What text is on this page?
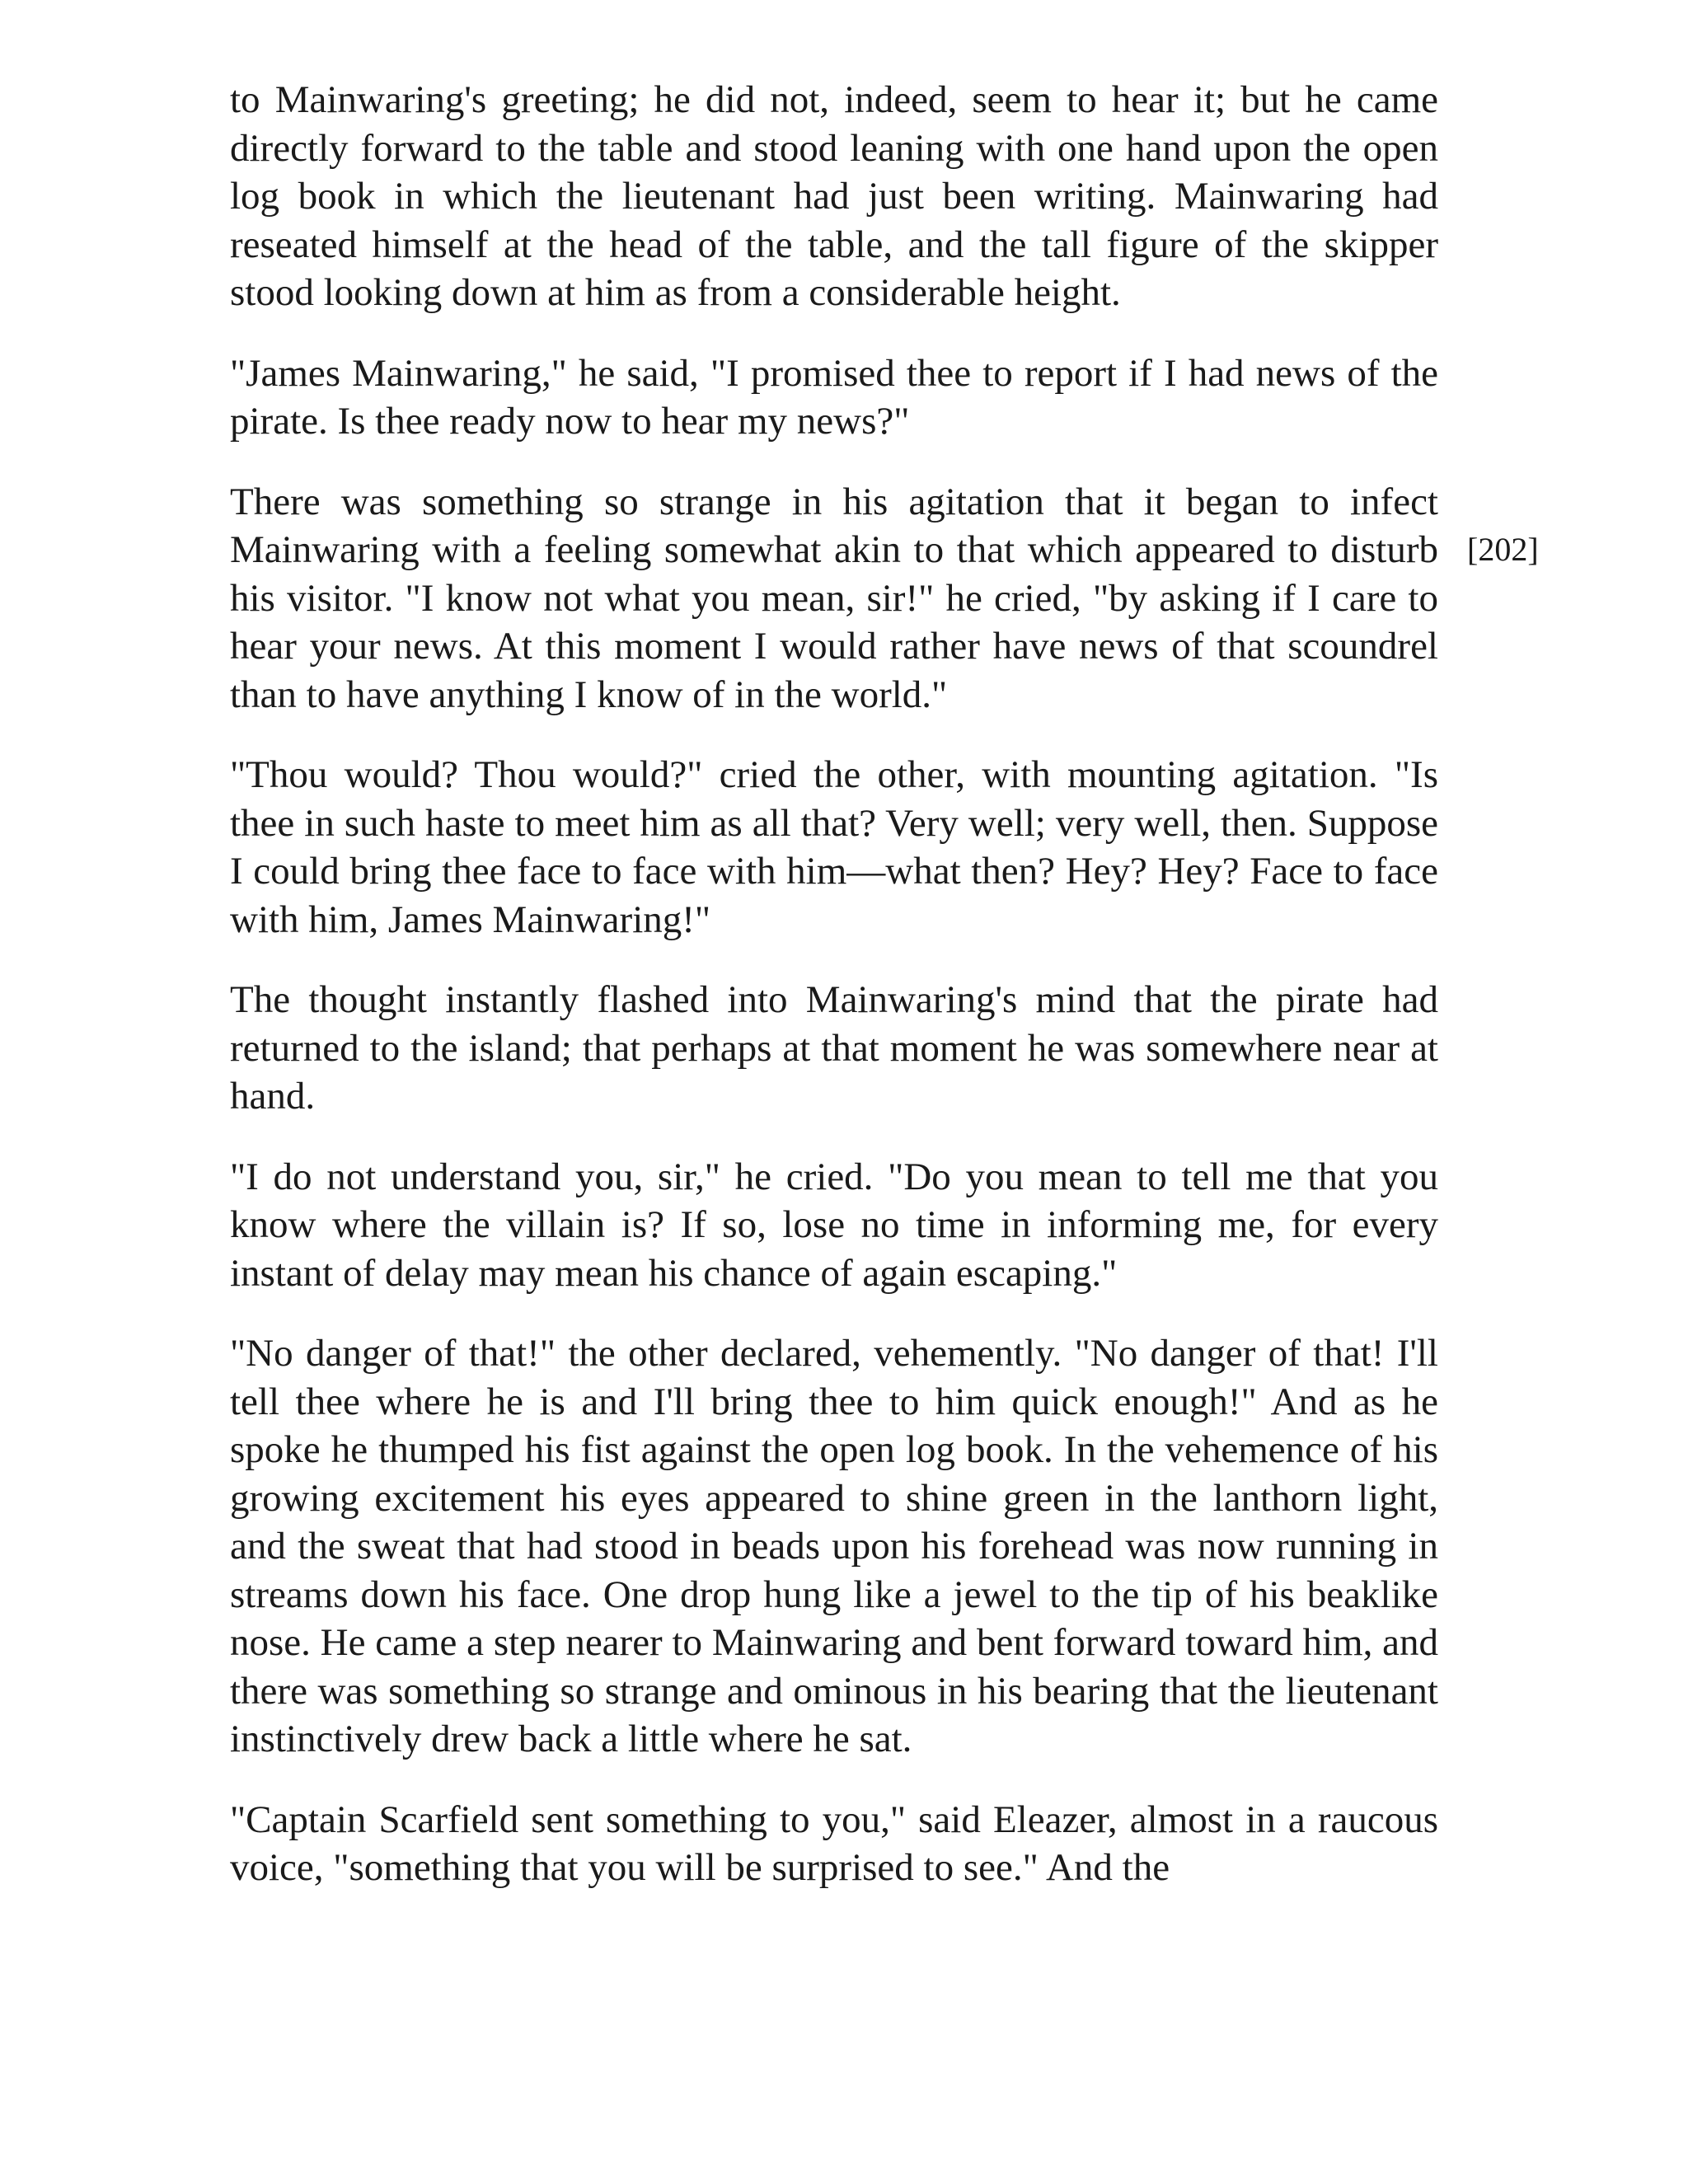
to Mainwaring's greeting; he did not, indeed, seem to hear it; but he came directly forward to the table and stood leaning with one hand upon the open log book in which the lieutenant had just been writing. Mainwaring had reseated himself at the head of the table, and the tall figure of the skipper stood looking down at him as from a considerable height.

"James Mainwaring," he said, "I promised thee to report if I had news of the pirate. Is thee ready now to hear my news?"

There was something so strange in his agitation that it began to infect Mainwaring with a feeling somewhat akin to that which appeared to disturb his visitor. "I know not what you mean, sir!" he cried, "by asking if I care to hear your news. At this moment I would rather have news of that scoundrel than to have anything I know of in the world."

"Thou would? Thou would?" cried the other, with mounting agitation. "Is thee in such haste to meet him as all that? Very well; very well, then. Suppose I could bring thee face to face with him—what then? Hey? Hey? Face to face with him, James Mainwaring!"

The thought instantly flashed into Mainwaring's mind that the pirate had returned to the island; that perhaps at that moment he was somewhere near at hand.

"I do not understand you, sir," he cried. "Do you mean to tell me that you know where the villain is? If so, lose no time in informing me, for every instant of delay may mean his chance of again escaping."

"No danger of that!" the other declared, vehemently. "No danger of that! I'll tell thee where he is and I'll bring thee to him quick enough!" And as he spoke he thumped his fist against the open log book. In the vehemence of his growing excitement his eyes appeared to shine green in the lanthorn light, and the sweat that had stood in beads upon his forehead was now running in streams down his face. One drop hung like a jewel to the tip of his beaklike nose. He came a step nearer to Mainwaring and bent forward toward him, and there was something so strange and ominous in his bearing that the lieutenant instinctively drew back a little where he sat.

"Captain Scarfield sent something to you," said Eleazer, almost in a raucous voice, "something that you will be surprised to see." And the

[202]
